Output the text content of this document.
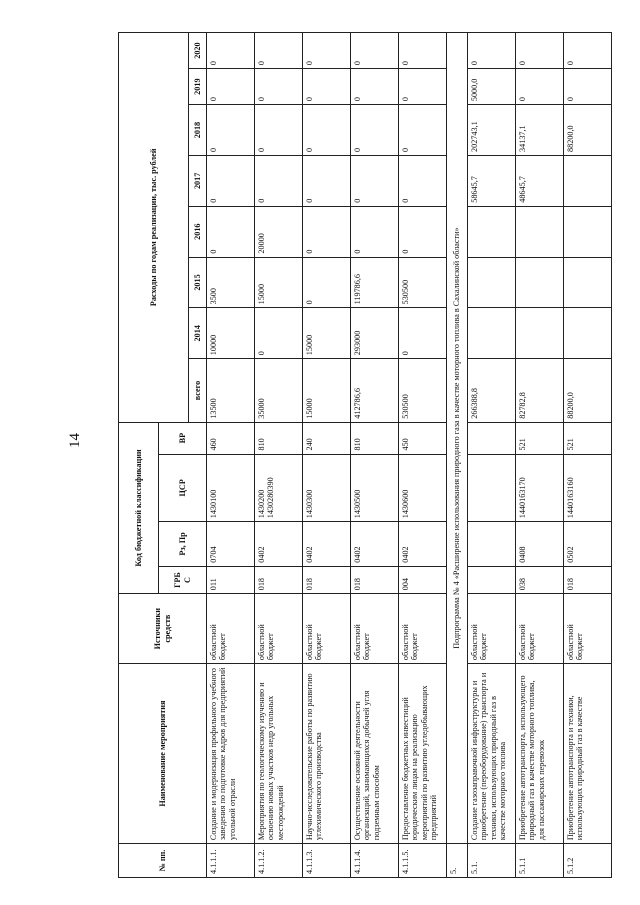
14
№ пп.	Наименование мероприятия	Источники средств	Код бюджетной классификации				Расходы по годам реализации, тыс. рублей							
			ГРБС	Рз, Пр	ЦСР	ВР								
							всего	2014	2015	2016	2017	2018	2019	2020
4.1.1.1.	Создание и модернизация профильного учебного заведения по подготовке кадров для предприятий угольной отрасли	областной бюджет	011	0704	1430100	460	13500	10000	3500	0	0	0	0	0
4.1.1.2.	Мероприятия по геологическому изучению и освоению новых участков недр угольных месторождений	областной бюджет	018	0402	1430200 1430280390	810	35000	0	15000	20000	0	0	0	0
4.1.1.3.	Научно-исследовательские работы по развитию углехимического производства	областной бюджет	018	0402	1430300	240	15000	15000	0	0	0	0	0	0
4.1.1.4.	Осуществление основной деятельности организаций, занимающихся добычей угля подземным способом	областной бюджет	018	0402	1430500	810	412786,6	293000	119786,6	0	0	0	0	0
4.1.1.5.	Предоставление бюджетных инвестиций юридическим лицам на реализацию мероприятий по развитию угледобывающих предприятий	областной бюджет	004	0402	1430600	450	530500	0	530500	0	0	0	0	0
5.	Подпрограмма № 4 «Расширение использования природного газа в качестве моторного топлива в Сахалинской области»													
5.1.	Создание газозаправочной инфраструктуры и приобретение (переоборудование) транспорта и техники, использующих природный газ в качестве моторного топлива	областной бюджет					266388,8				58645,7	202743,1	5000,0	0
5.1.1	Приобретение автотранспорта, использующего природный газ в качестве моторного топлива, для пассажирских перевозок	областной бюджет	038	0408	14401б3170	521	82782,8				48645,7	34137,1	0	0
5.1.2	Приобретение автотранспорта и техники, использующих природный газ в качестве	областной бюджет	018	0502	1440163160	521	88200,0					88200,0	0	0
